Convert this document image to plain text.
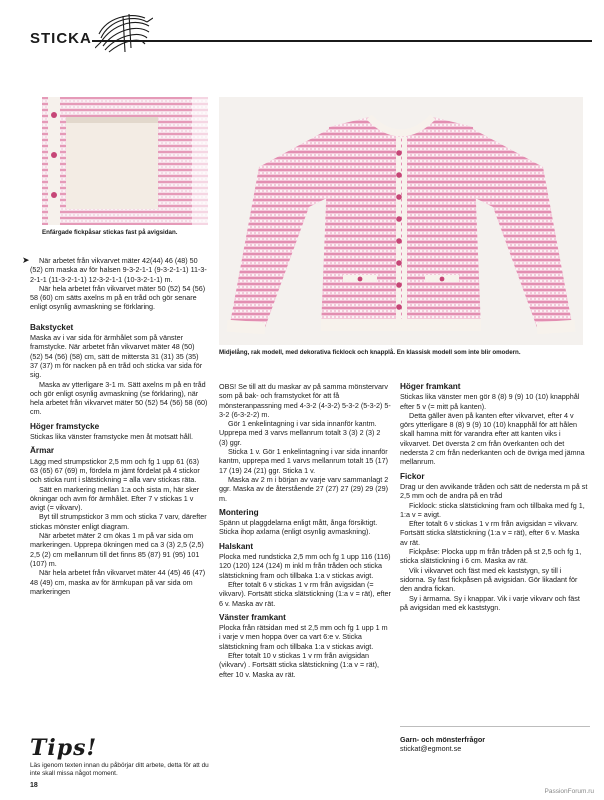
STICKA
Enfärgade fickpåsar stickas fast på avigsidan.
Midjelång, rak modell, med dekorativa ficklock och knapplå. En klassisk modell som inte blir omodern.
➤	När arbetet från vikvarvet mäter 42(44) 46 (48) 50 (52) cm maska av för halsen 9-3-2-1-1 (9-3-2-1-1) 11-3-2-1-1 (11-3-2-1-1) 12-3-2-1-1 (10-3-2-1-1) m.

När hela arbetet från vikvarvet mäter 50 (52) 54 (56) 58 (60) cm sätts axelns m på en tråd och gör senare enligt osynlig avmaskning se förklaring.

Bakstycket

Maska av i var sida för ärmhålet som på vänster framstycke. När arbetet från vikvarvet mäter 48 (50) (52) 54 (56) (58) cm, sätt de mittersta 31 (31) 35 (35) 37 (37) m för nacken på en tråd och sticka var sida för sig.

Maska av ytterligare 3-1 m. Sätt axelns m på en tråd och gör enligt osynlig avmaskning (se förklaring), när hela arbetet från vikvarvet mäter 50 (52) 54 (56) 58 (60) cm.

Höger framstycke

Stickas lika vänster framstycke men åt motsatt håll.

Ärmar

Lägg med strumpstickor 2,5 mm och fg 1 upp 61 (63) 63 (65) 67 (69) m, fördela m jämt fördelat på 4 stickor och sticka runt i slätstickning = alla varv stickas räta.

Sätt en markering mellan 1:a och sista m, här sker ökningar och avm för ärmhålet. Efter 7 v stickas 1 v avigt (= vikvarv).

Byt till strumpstickor 3 mm och sticka 7 varv, därefter stickas mönster enligt diagram.

När arbetet mäter 2 cm ökas 1 m på var sida om markeringen. Upprepa ökningen med ca 3 (3) 2,5 (2,5) 2,5 (2) cm mellanrum till det finns 85 (87) 91 (95) 101 (107) m.

När hela arbetet från vikvarvet mäter 44 (45) 46 (47) 48 (49) cm, maska av för ärmkupan på var sida om markeringen

OBS! Se till att du maskar av på samma mönstervarv som på bak- och framstycket för att få mönsteranpassning med 4-3-2 (4-3-2) 5-3-2 (5-3-2) 5-3-2 (6-3-2-2) m.

Gör 1 enkelintagning i var sida innanför kantm. Upprepa med 3 varvs mellanrum totalt 3 (3) 2 (3) 2 (3) ggr.

Sticka 1 v. Gör 1 enkelintagning i var sida innanför kantm, upprepa med 1 varvs mellanrum totalt 15 (17) 17 (19) 24 (21) ggr. Sticka 1 v.

Maska av 2 m i början av varje varv sammanlagt 2 ggr. Maska av de återstående 27 (27) 27 (29) 29 (29) m.

Montering

Spänn ut plaggdelarna enligt mått, ånga försiktigt. Sticka ihop axlarna (enligt osynlig avmaskning).

Halskant

Plocka med rundsticka 2,5 mm och fg 1 upp 116 (116) 120 (120) 124 (124) m inkl m från tråden och sticka slätstickning fram och tillbaka 1:a v stickas avigt.

Efter totalt 6 v stickas 1 v rm från avigsidan (= vikvarv). Fortsätt sticka slätstickning (1:a v = rät), efter 6 v. Maska av rät.

Vänster framkant

Plocka från rätsidan med st 2,5 mm och fg 1 upp 1 m i varje v men hoppa över ca vart 6:e v. Sticka slätstickning fram och tillbaka 1:a v stickas avigt.

Efter totalt 10 v stickas 1 v rm från avigsidan (vikvarv) . Fortsätt sticka slätstickning (1:a v = rät), efter 10 v. Maska av rät.

Höger framkant

Stickas lika vänster men gör 8 (8) 9 (9) 10 (10) knapphål efter 5 v (= mitt på kanten).

Detta gäller även på kanten efter vikvarvet, efter 4 v görs ytterligare 8 (8) 9 (9) 10 (10) knapphål för att hålen skall hamna mitt för varandra efter att kanten viks i vikvarvet. Det översta 2 cm från överkanten och det nedersta 2 cm från nederkanten och de övriga med jämna mellanrum.

Fickor

Drag ur den avvikande tråden och sätt de nedersta m på st 2,5 mm och de andra på en tråd

Ficklock: sticka slätstickning fram och tillbaka med fg 1, 1:a v = avigt.

Efter totalt 6 v stickas 1 v rm från avigsidan = vikvarv. Fortsätt sticka slätstickning (1:a v = rät), efter 6 v. Maska av rät.

Fickpåse: Plocka upp m från tråden på st 2,5 och fg 1, sticka slätstickning i 6 cm. Maska av rät.

Vik i vikvarvet och fäst med ek kaststygn, sy till i sidorna. Sy fast fickpåsen på avigsidan. Gör likadant för den andra fickan.

Sy i ärmarna. Sy i knappar. Vik i varje vikvarv och fäst på avigsidan med ek kaststygn.

Garn- och mönsterfrågor
stickat@egmont.se
Tips!
Läs igenom texten innan du påbörjar ditt arbete, detta för att du inte skall missa något moment.
18
PassionForum.ru
